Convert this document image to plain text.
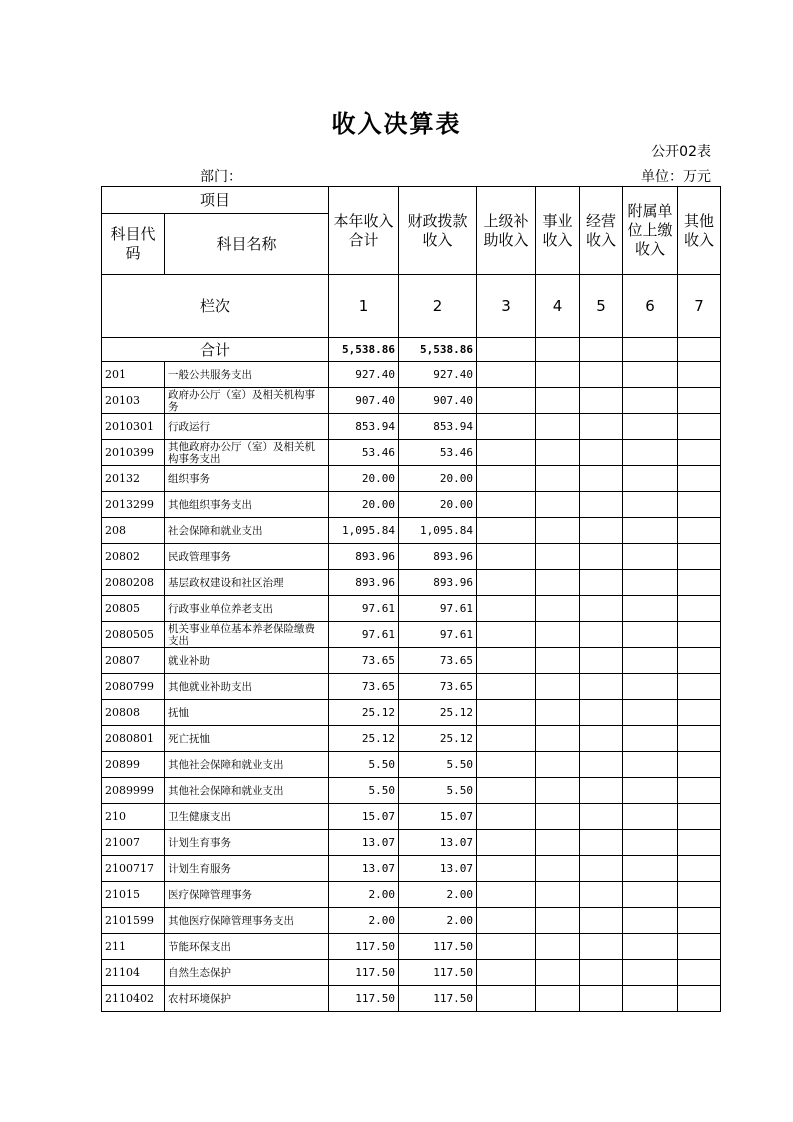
收入决算表
公开02表
部门：	单位：万元
项目		本年收入合计	财政拨款收入	上级补助收入	事业收入	经营收入	附属单位上缴收入	其他收入
科目代码	科目名称							
栏次		1	2	3	4	5	6	7
合计		5,538.86	5,538.86					
201	一般公共服务支出	927.40	927.40					
20103	政府办公厅（室）及相关机构事务	907.40	907.40					
2010301	行政运行	853.94	853.94					
2010399	其他政府办公厅（室）及相关机构事务支出	53.46	53.46					
20132	组织事务	20.00	20.00					
2013299	其他组织事务支出	20.00	20.00					
208	社会保障和就业支出	1,095.84	1,095.84					
20802	民政管理事务	893.96	893.96					
2080208	基层政权建设和社区治理	893.96	893.96					
20805	行政事业单位养老支出	97.61	97.61					
2080505	机关事业单位基本养老保险缴费支出	97.61	97.61					
20807	就业补助	73.65	73.65					
2080799	其他就业补助支出	73.65	73.65					
20808	抚恤	25.12	25.12					
2080801	死亡抚恤	25.12	25.12					
20899	其他社会保障和就业支出	5.50	5.50					
2089999	其他社会保障和就业支出	5.50	5.50					
210	卫生健康支出	15.07	15.07					
21007	计划生育事务	13.07	13.07					
2100717	计划生育服务	13.07	13.07					
21015	医疗保障管理事务	2.00	2.00					
2101599	其他医疗保障管理事务支出	2.00	2.00					
211	节能环保支出	117.50	117.50					
21104	自然生态保护	117.50	117.50					
2110402	农村环境保护	117.50	117.50					
